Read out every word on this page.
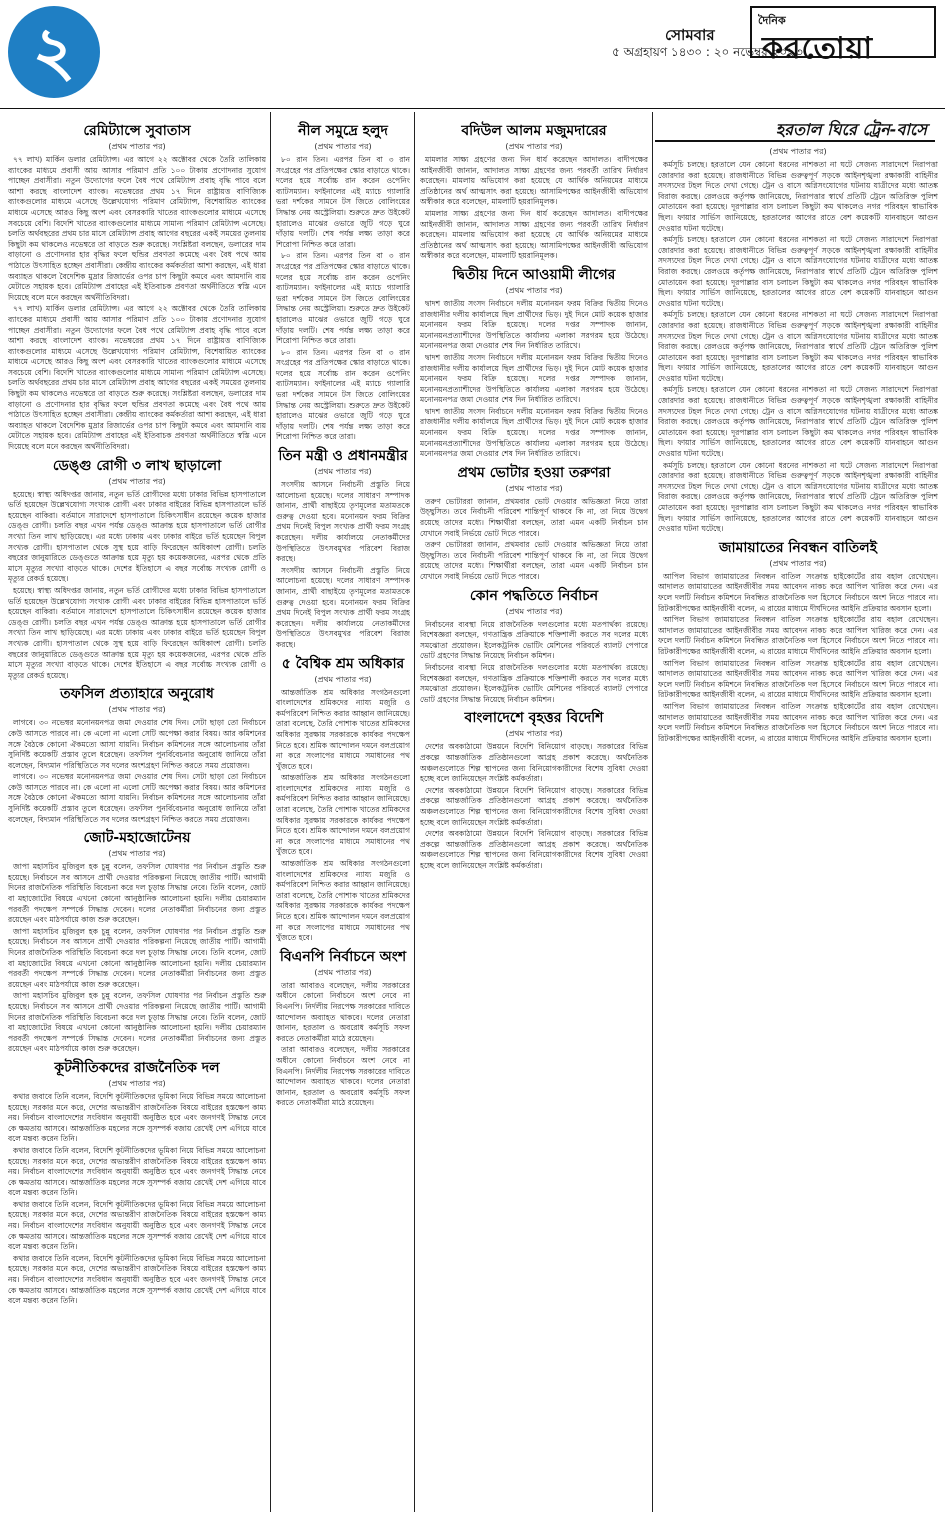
২	সোমবার
৫ অগ্রহায়ণ ১৪৩০ : ২০ নভেম্বর ২০২৩
দৈনিক
করতোয়া
হরতাল ঘিরে ট্রেন-বাসে
রেমিট্যান্সে সুবাতাস
(প্রথম পাতার পর)

৭৭ লাখ) মার্কিন ডলার রেমিট্যান্স। এর আগে ২২ অক্টোবর থেকে তৈরি তালিকায় ব্যাংকের মাধ্যমে প্রবাসী আয় আসার পরিমাণ প্রতি ১০০ টাকায় প্রণোদনার সুযোগ পাচ্ছেন প্রবাসীরা। নতুন উদ্যোগের ফলে বৈধ পথে রেমিট্যান্স প্রবাহ বৃদ্ধি পাবে বলে আশা করছে বাংলাদেশ ব্যাংক। নভেম্বরের প্রথম ১৭ দিনে রাষ্ট্রায়ত্ত বাণিজ্যিক ব্যাংকগুলোর মাধ্যমে এসেছে উল্লেখযোগ্য পরিমাণ রেমিট্যান্স, বিশেষায়িত ব্যাংকের মাধ্যমে এসেছে আরও কিছু অংশ এবং বেসরকারি খাতের ব্যাংকগুলোর মাধ্যমে এসেছে সবচেয়ে বেশি। বিদেশি খাতের ব্যাংকগুলোর মাধ্যমে সামান্য পরিমাণ রেমিট্যান্স এসেছে। চলতি অর্থবছরের প্রথম চার মাসে রেমিট্যান্স প্রবাহ আগের বছরের একই সময়ের তুলনায় কিছুটা কম থাকলেও নভেম্বরে তা বাড়তে শুরু করেছে। সংশ্লিষ্টরা বলছেন, ডলারের দাম বাড়ানো ও প্রণোদনার হার বৃদ্ধির ফলে হুন্ডির প্রবণতা কমেছে এবং বৈধ পথে আয় পাঠাতে উৎসাহিত হচ্ছেন প্রবাসীরা। কেন্দ্রীয় ব্যাংকের কর্মকর্তারা আশা করছেন, এই ধারা অব্যাহত থাকলে বৈদেশিক মুদ্রার রিজার্ভের ওপর চাপ কিছুটা কমবে এবং আমদানি ব্যয় মেটাতে সহায়ক হবে। রেমিট্যান্স প্রবাহের এই ইতিবাচক প্রবণতা অর্থনীতিতে স্বস্তি এনে দিয়েছে বলে মনে করছেন অর্থনীতিবিদরা।

৭৭ লাখ) মার্কিন ডলার রেমিট্যান্স। এর আগে ২২ অক্টোবর থেকে তৈরি তালিকায় ব্যাংকের মাধ্যমে প্রবাসী আয় আসার পরিমাণ প্রতি ১০০ টাকায় প্রণোদনার সুযোগ পাচ্ছেন প্রবাসীরা। নতুন উদ্যোগের ফলে বৈধ পথে রেমিট্যান্স প্রবাহ বৃদ্ধি পাবে বলে আশা করছে বাংলাদেশ ব্যাংক। নভেম্বরের প্রথম ১৭ দিনে রাষ্ট্রায়ত্ত বাণিজ্যিক ব্যাংকগুলোর মাধ্যমে এসেছে উল্লেখযোগ্য পরিমাণ রেমিট্যান্স, বিশেষায়িত ব্যাংকের মাধ্যমে এসেছে আরও কিছু অংশ এবং বেসরকারি খাতের ব্যাংকগুলোর মাধ্যমে এসেছে সবচেয়ে বেশি। বিদেশি খাতের ব্যাংকগুলোর মাধ্যমে সামান্য পরিমাণ রেমিট্যান্স এসেছে। চলতি অর্থবছরের প্রথম চার মাসে রেমিট্যান্স প্রবাহ আগের বছরের একই সময়ের তুলনায় কিছুটা কম থাকলেও নভেম্বরে তা বাড়তে শুরু করেছে। সংশ্লিষ্টরা বলছেন, ডলারের দাম বাড়ানো ও প্রণোদনার হার বৃদ্ধির ফলে হুন্ডির প্রবণতা কমেছে এবং বৈধ পথে আয় পাঠাতে উৎসাহিত হচ্ছেন প্রবাসীরা। কেন্দ্রীয় ব্যাংকের কর্মকর্তারা আশা করছেন, এই ধারা অব্যাহত থাকলে বৈদেশিক মুদ্রার রিজার্ভের ওপর চাপ কিছুটা কমবে এবং আমদানি ব্যয় মেটাতে সহায়ক হবে। রেমিট্যান্স প্রবাহের এই ইতিবাচক প্রবণতা অর্থনীতিতে স্বস্তি এনে দিয়েছে বলে মনে করছেন অর্থনীতিবিদরা।

ডেঙ্গু রোগী ৩ লাখ ছাড়ালো
(প্রথম পাতার পর)

হয়েছে। স্বাস্থ্য অধিদপ্তর জানায়, নতুন ভর্তি রোগীদের মধ্যে ঢাকার বিভিন্ন হাসপাতালে ভর্তি হয়েছেন উল্লেখযোগ্য সংখ্যক রোগী এবং ঢাকার বাইরের বিভিন্ন হাসপাতালে ভর্তি হয়েছেন বাকিরা। বর্তমানে সারাদেশে হাসপাতালে চিকিৎসাধীন রয়েছেন কয়েক হাজার ডেঙ্গু রোগী। চলতি বছর এখন পর্যন্ত ডেঙ্গু আক্রান্ত হয়ে হাসপাতালে ভর্তি রোগীর সংখ্যা তিন লাখ ছাড়িয়েছে। এর মধ্যে ঢাকায় এবং ঢাকার বাইরে ভর্তি হয়েছেন বিপুল সংখ্যক রোগী। হাসপাতাল থেকে সুস্থ হয়ে বাড়ি ফিরেছেন অধিকাংশ রোগী। চলতি বছরের জানুয়ারিতে ডেঙ্গুতে আক্রান্ত হয়ে মৃত্যু হয় কয়েকজনের, এরপর থেকে প্রতি মাসে মৃত্যুর সংখ্যা বাড়তে থাকে। দেশের ইতিহাসে এ বছর সর্বোচ্চ সংখ্যক রোগী ও মৃত্যুর রেকর্ড হয়েছে।

হয়েছে। স্বাস্থ্য অধিদপ্তর জানায়, নতুন ভর্তি রোগীদের মধ্যে ঢাকার বিভিন্ন হাসপাতালে ভর্তি হয়েছেন উল্লেখযোগ্য সংখ্যক রোগী এবং ঢাকার বাইরের বিভিন্ন হাসপাতালে ভর্তি হয়েছেন বাকিরা। বর্তমানে সারাদেশে হাসপাতালে চিকিৎসাধীন রয়েছেন কয়েক হাজার ডেঙ্গু রোগী। চলতি বছর এখন পর্যন্ত ডেঙ্গু আক্রান্ত হয়ে হাসপাতালে ভর্তি রোগীর সংখ্যা তিন লাখ ছাড়িয়েছে। এর মধ্যে ঢাকায় এবং ঢাকার বাইরে ভর্তি হয়েছেন বিপুল সংখ্যক রোগী। হাসপাতাল থেকে সুস্থ হয়ে বাড়ি ফিরেছেন অধিকাংশ রোগী। চলতি বছরের জানুয়ারিতে ডেঙ্গুতে আক্রান্ত হয়ে মৃত্যু হয় কয়েকজনের, এরপর থেকে প্রতি মাসে মৃত্যুর সংখ্যা বাড়তে থাকে। দেশের ইতিহাসে এ বছর সর্বোচ্চ সংখ্যক রোগী ও মৃত্যুর রেকর্ড হয়েছে।

তফসিল প্রত্যাহারে অনুরোধ
(প্রথম পাতার পর)

লাগবে। ৩০ নভেম্বর মনোনয়নপত্র জমা দেওয়ার শেষ দিন। সেটা ছাড়া তো নির্বাচনে কেউ আসতে পারবে না। কে এলো না এলো সেটি অপেক্ষা করার বিষয়। আর কমিশনের সঙ্গে বৈঠকে কোনো ঐকমত্যে আসা যায়নি। নির্বাচন কমিশনের সঙ্গে আলোচনায় তাঁরা সুনির্দিষ্ট কয়েকটি প্রস্তাব তুলে ধরেছেন। তফসিল পুনর্বিবেচনার অনুরোধ জানিয়ে তাঁরা বলেছেন, বিদ্যমান পরিস্থিতিতে সব দলের অংশগ্রহণ নিশ্চিত করতে সময় প্রয়োজন।

লাগবে। ৩০ নভেম্বর মনোনয়নপত্র জমা দেওয়ার শেষ দিন। সেটা ছাড়া তো নির্বাচনে কেউ আসতে পারবে না। কে এলো না এলো সেটি অপেক্ষা করার বিষয়। আর কমিশনের সঙ্গে বৈঠকে কোনো ঐকমত্যে আসা যায়নি। নির্বাচন কমিশনের সঙ্গে আলোচনায় তাঁরা সুনির্দিষ্ট কয়েকটি প্রস্তাব তুলে ধরেছেন। তফসিল পুনর্বিবেচনার অনুরোধ জানিয়ে তাঁরা বলেছেন, বিদ্যমান পরিস্থিতিতে সব দলের অংশগ্রহণ নিশ্চিত করতে সময় প্রয়োজন।

জোট-মহাজোটেনয়
(প্রথম পাতার পর)

জাপা মহাসচিব মুজিবুল হক চুন্নু বলেন, তফসিল ঘোষণার পর নির্বাচন প্রস্তুতি শুরু হয়েছে। নির্বাচনে সব আসনে প্রার্থী দেওয়ার পরিকল্পনা নিয়েছে জাতীয় পার্টি। আগামী দিনের রাজনৈতিক পরিস্থিতি বিবেচনা করে দল চূড়ান্ত সিদ্ধান্ত নেবে। তিনি বলেন, জোট বা মহাজোটের বিষয়ে এখনো কোনো আনুষ্ঠানিক আলোচনা হয়নি। দলীয় চেয়ারম্যান পরবর্তী পদক্ষেপ সম্পর্কে সিদ্ধান্ত দেবেন। দলের নেতাকর্মীরা নির্বাচনের জন্য প্রস্তুত রয়েছেন এবং মাঠপর্যায়ে কাজ শুরু করেছেন।

জাপা মহাসচিব মুজিবুল হক চুন্নু বলেন, তফসিল ঘোষণার পর নির্বাচন প্রস্তুতি শুরু হয়েছে। নির্বাচনে সব আসনে প্রার্থী দেওয়ার পরিকল্পনা নিয়েছে জাতীয় পার্টি। আগামী দিনের রাজনৈতিক পরিস্থিতি বিবেচনা করে দল চূড়ান্ত সিদ্ধান্ত নেবে। তিনি বলেন, জোট বা মহাজোটের বিষয়ে এখনো কোনো আনুষ্ঠানিক আলোচনা হয়নি। দলীয় চেয়ারম্যান পরবর্তী পদক্ষেপ সম্পর্কে সিদ্ধান্ত দেবেন। দলের নেতাকর্মীরা নির্বাচনের জন্য প্রস্তুত রয়েছেন এবং মাঠপর্যায়ে কাজ শুরু করেছেন।

জাপা মহাসচিব মুজিবুল হক চুন্নু বলেন, তফসিল ঘোষণার পর নির্বাচন প্রস্তুতি শুরু হয়েছে। নির্বাচনে সব আসনে প্রার্থী দেওয়ার পরিকল্পনা নিয়েছে জাতীয় পার্টি। আগামী দিনের রাজনৈতিক পরিস্থিতি বিবেচনা করে দল চূড়ান্ত সিদ্ধান্ত নেবে। তিনি বলেন, জোট বা মহাজোটের বিষয়ে এখনো কোনো আনুষ্ঠানিক আলোচনা হয়নি। দলীয় চেয়ারম্যান পরবর্তী পদক্ষেপ সম্পর্কে সিদ্ধান্ত দেবেন। দলের নেতাকর্মীরা নির্বাচনের জন্য প্রস্তুত রয়েছেন এবং মাঠপর্যায়ে কাজ শুরু করেছেন।

কূটনীতিকদের রাজনৈতিক দল
(প্রথম পাতার পর)

কথার জবাবে তিনি বলেন, বিদেশি কূটনীতিকদের ভূমিকা নিয়ে বিভিন্ন সময়ে আলোচনা হয়েছে। সরকার মনে করে, দেশের অভ্যন্তরীণ রাজনৈতিক বিষয়ে বাইরের হস্তক্ষেপ কাম্য নয়। নির্বাচন বাংলাদেশের সংবিধান অনুযায়ী অনুষ্ঠিত হবে এবং জনগণই সিদ্ধান্ত নেবে কে ক্ষমতায় আসবে। আন্তর্জাতিক মহলের সঙ্গে সুসম্পর্ক বজায় রেখেই দেশ এগিয়ে যাবে বলে মন্তব্য করেন তিনি।

কথার জবাবে তিনি বলেন, বিদেশি কূটনীতিকদের ভূমিকা নিয়ে বিভিন্ন সময়ে আলোচনা হয়েছে। সরকার মনে করে, দেশের অভ্যন্তরীণ রাজনৈতিক বিষয়ে বাইরের হস্তক্ষেপ কাম্য নয়। নির্বাচন বাংলাদেশের সংবিধান অনুযায়ী অনুষ্ঠিত হবে এবং জনগণই সিদ্ধান্ত নেবে কে ক্ষমতায় আসবে। আন্তর্জাতিক মহলের সঙ্গে সুসম্পর্ক বজায় রেখেই দেশ এগিয়ে যাবে বলে মন্তব্য করেন তিনি।

কথার জবাবে তিনি বলেন, বিদেশি কূটনীতিকদের ভূমিকা নিয়ে বিভিন্ন সময়ে আলোচনা হয়েছে। সরকার মনে করে, দেশের অভ্যন্তরীণ রাজনৈতিক বিষয়ে বাইরের হস্তক্ষেপ কাম্য নয়। নির্বাচন বাংলাদেশের সংবিধান অনুযায়ী অনুষ্ঠিত হবে এবং জনগণই সিদ্ধান্ত নেবে কে ক্ষমতায় আসবে। আন্তর্জাতিক মহলের সঙ্গে সুসম্পর্ক বজায় রেখেই দেশ এগিয়ে যাবে বলে মন্তব্য করেন তিনি।

কথার জবাবে তিনি বলেন, বিদেশি কূটনীতিকদের ভূমিকা নিয়ে বিভিন্ন সময়ে আলোচনা হয়েছে। সরকার মনে করে, দেশের অভ্যন্তরীণ রাজনৈতিক বিষয়ে বাইরের হস্তক্ষেপ কাম্য নয়। নির্বাচন বাংলাদেশের সংবিধান অনুযায়ী অনুষ্ঠিত হবে এবং জনগণই সিদ্ধান্ত নেবে কে ক্ষমতায় আসবে। আন্তর্জাতিক মহলের সঙ্গে সুসম্পর্ক বজায় রেখেই দেশ এগিয়ে যাবে বলে মন্তব্য করেন তিনি।

নীল সমুদ্রে হলুদ
(প্রথম পাতার পর)

৮০ রান তিন। এরপর তিন বা ৩ রান সংগ্রহের পর প্রতিপক্ষের স্কোর বাড়াতে থাকে। দলের হয়ে সর্বোচ্চ রান করেন ওপেনিং ব্যাটসম্যান। ফাইনালের এই ম্যাচে গ্যালারি ভরা দর্শকের সামনে টস জিতে বোলিংয়ের সিদ্ধান্ত নেয় অস্ট্রেলিয়া। শুরুতে দ্রুত উইকেট হারালেও মাঝের ওভারে জুটি গড়ে ঘুরে দাঁড়ায় দলটি। শেষ পর্যন্ত লক্ষ্য তাড়া করে শিরোপা নিশ্চিত করে তারা।

৮০ রান তিন। এরপর তিন বা ৩ রান সংগ্রহের পর প্রতিপক্ষের স্কোর বাড়াতে থাকে। দলের হয়ে সর্বোচ্চ রান করেন ওপেনিং ব্যাটসম্যান। ফাইনালের এই ম্যাচে গ্যালারি ভরা দর্শকের সামনে টস জিতে বোলিংয়ের সিদ্ধান্ত নেয় অস্ট্রেলিয়া। শুরুতে দ্রুত উইকেট হারালেও মাঝের ওভারে জুটি গড়ে ঘুরে দাঁড়ায় দলটি। শেষ পর্যন্ত লক্ষ্য তাড়া করে শিরোপা নিশ্চিত করে তারা।

৮০ রান তিন। এরপর তিন বা ৩ রান সংগ্রহের পর প্রতিপক্ষের স্কোর বাড়াতে থাকে। দলের হয়ে সর্বোচ্চ রান করেন ওপেনিং ব্যাটসম্যান। ফাইনালের এই ম্যাচে গ্যালারি ভরা দর্শকের সামনে টস জিতে বোলিংয়ের সিদ্ধান্ত নেয় অস্ট্রেলিয়া। শুরুতে দ্রুত উইকেট হারালেও মাঝের ওভারে জুটি গড়ে ঘুরে দাঁড়ায় দলটি। শেষ পর্যন্ত লক্ষ্য তাড়া করে শিরোপা নিশ্চিত করে তারা।

তিন মন্ত্রী ও প্রধানমন্ত্রীর
(প্রথম পাতার পর)

সংসদীয় আসনে নির্বাচনী প্রস্তুতি নিয়ে আলোচনা হয়েছে। দলের সাধারণ সম্পাদক জানান, প্রার্থী বাছাইয়ে তৃণমূলের মতামতকে গুরুত্ব দেওয়া হবে। মনোনয়ন ফরম বিক্রির প্রথম দিনেই বিপুল সংখ্যক প্রার্থী ফরম সংগ্রহ করেছেন। দলীয় কার্যালয়ে নেতাকর্মীদের উপস্থিতিতে উৎসবমুখর পরিবেশ বিরাজ করছে।

সংসদীয় আসনে নির্বাচনী প্রস্তুতি নিয়ে আলোচনা হয়েছে। দলের সাধারণ সম্পাদক জানান, প্রার্থী বাছাইয়ে তৃণমূলের মতামতকে গুরুত্ব দেওয়া হবে। মনোনয়ন ফরম বিক্রির প্রথম দিনেই বিপুল সংখ্যক প্রার্থী ফরম সংগ্রহ করেছেন। দলীয় কার্যালয়ে নেতাকর্মীদের উপস্থিতিতে উৎসবমুখর পরিবেশ বিরাজ করছে।

৫ বৈশ্বিক শ্রম অধিকার
(প্রথম পাতার পর)

আন্তর্জাতিক শ্রম অধিকার সংগঠনগুলো বাংলাদেশের শ্রমিকদের ন্যায্য মজুরি ও কর্মপরিবেশ নিশ্চিত করার আহ্বান জানিয়েছে। তারা বলেছে, তৈরি পোশাক খাতের শ্রমিকদের অধিকার সুরক্ষায় সরকারকে কার্যকর পদক্ষেপ নিতে হবে। শ্রমিক আন্দোলন দমনে বলপ্রয়োগ না করে সংলাপের মাধ্যমে সমাধানের পথ খুঁজতে হবে।

আন্তর্জাতিক শ্রম অধিকার সংগঠনগুলো বাংলাদেশের শ্রমিকদের ন্যায্য মজুরি ও কর্মপরিবেশ নিশ্চিত করার আহ্বান জানিয়েছে। তারা বলেছে, তৈরি পোশাক খাতের শ্রমিকদের অধিকার সুরক্ষায় সরকারকে কার্যকর পদক্ষেপ নিতে হবে। শ্রমিক আন্দোলন দমনে বলপ্রয়োগ না করে সংলাপের মাধ্যমে সমাধানের পথ খুঁজতে হবে।

আন্তর্জাতিক শ্রম অধিকার সংগঠনগুলো বাংলাদেশের শ্রমিকদের ন্যায্য মজুরি ও কর্মপরিবেশ নিশ্চিত করার আহ্বান জানিয়েছে। তারা বলেছে, তৈরি পোশাক খাতের শ্রমিকদের অধিকার সুরক্ষায় সরকারকে কার্যকর পদক্ষেপ নিতে হবে। শ্রমিক আন্দোলন দমনে বলপ্রয়োগ না করে সংলাপের মাধ্যমে সমাধানের পথ খুঁজতে হবে।

বিএনপি নির্বাচনে অংশ
(প্রথম পাতার পর)

তারা আবারও বলেছেন, দলীয় সরকারের অধীনে কোনো নির্বাচনে অংশ নেবে না বিএনপি। নির্দলীয় নিরপেক্ষ সরকারের দাবিতে আন্দোলন অব্যাহত থাকবে। দলের নেতারা জানান, হরতাল ও অবরোধ কর্মসূচি সফল করতে নেতাকর্মীরা মাঠে রয়েছেন।

তারা আবারও বলেছেন, দলীয় সরকারের অধীনে কোনো নির্বাচনে অংশ নেবে না বিএনপি। নির্দলীয় নিরপেক্ষ সরকারের দাবিতে আন্দোলন অব্যাহত থাকবে। দলের নেতারা জানান, হরতাল ও অবরোধ কর্মসূচি সফল করতে নেতাকর্মীরা মাঠে রয়েছেন।

বদিউল আলম মজুমদারের
(প্রথম পাতার পর)

মামলার সাক্ষ্য গ্রহণের জন্য দিন ধার্য করেছেন আদালত। বাদীপক্ষের আইনজীবী জানান, আদালত সাক্ষ্য গ্রহণের জন্য পরবর্তী তারিখ নির্ধারণ করেছেন। মামলায় অভিযোগ করা হয়েছে যে আর্থিক অনিয়মের মাধ্যমে প্রতিষ্ঠানের অর্থ আত্মসাৎ করা হয়েছে। আসামিপক্ষের আইনজীবী অভিযোগ অস্বীকার করে বলেছেন, মামলাটি হয়রানিমূলক।

মামলার সাক্ষ্য গ্রহণের জন্য দিন ধার্য করেছেন আদালত। বাদীপক্ষের আইনজীবী জানান, আদালত সাক্ষ্য গ্রহণের জন্য পরবর্তী তারিখ নির্ধারণ করেছেন। মামলায় অভিযোগ করা হয়েছে যে আর্থিক অনিয়মের মাধ্যমে প্রতিষ্ঠানের অর্থ আত্মসাৎ করা হয়েছে। আসামিপক্ষের আইনজীবী অভিযোগ অস্বীকার করে বলেছেন, মামলাটি হয়রানিমূলক।

দ্বিতীয় দিনে আওয়ামী লীগের
(প্রথম পাতার পর)

দ্বাদশ জাতীয় সংসদ নির্বাচনে দলীয় মনোনয়ন ফরম বিক্রির দ্বিতীয় দিনেও রাজধানীর দলীয় কার্যালয়ে ছিল প্রার্থীদের ভিড়। দুই দিনে মোট কয়েক হাজার মনোনয়ন ফরম বিক্রি হয়েছে। দলের দপ্তর সম্পাদক জানান, মনোনয়নপ্রত্যাশীদের উপস্থিতিতে কার্যালয় এলাকা সরগরম হয়ে উঠেছে। মনোনয়নপত্র জমা দেওয়ার শেষ দিন নির্ধারিত তারিখে।

দ্বাদশ জাতীয় সংসদ নির্বাচনে দলীয় মনোনয়ন ফরম বিক্রির দ্বিতীয় দিনেও রাজধানীর দলীয় কার্যালয়ে ছিল প্রার্থীদের ভিড়। দুই দিনে মোট কয়েক হাজার মনোনয়ন ফরম বিক্রি হয়েছে। দলের দপ্তর সম্পাদক জানান, মনোনয়নপ্রত্যাশীদের উপস্থিতিতে কার্যালয় এলাকা সরগরম হয়ে উঠেছে। মনোনয়নপত্র জমা দেওয়ার শেষ দিন নির্ধারিত তারিখে।

দ্বাদশ জাতীয় সংসদ নির্বাচনে দলীয় মনোনয়ন ফরম বিক্রির দ্বিতীয় দিনেও রাজধানীর দলীয় কার্যালয়ে ছিল প্রার্থীদের ভিড়। দুই দিনে মোট কয়েক হাজার মনোনয়ন ফরম বিক্রি হয়েছে। দলের দপ্তর সম্পাদক জানান, মনোনয়নপ্রত্যাশীদের উপস্থিতিতে কার্যালয় এলাকা সরগরম হয়ে উঠেছে। মনোনয়নপত্র জমা দেওয়ার শেষ দিন নির্ধারিত তারিখে।

প্রথম ভোটার হওয়া তরুণরা
(প্রথম পাতার পর)

তরুণ ভোটাররা জানান, প্রথমবার ভোট দেওয়ার অভিজ্ঞতা নিয়ে তারা উচ্ছ্বসিত। তবে নির্বাচনী পরিবেশ শান্তিপূর্ণ থাকবে কি না, তা নিয়ে উদ্বেগ রয়েছে তাদের মধ্যে। শিক্ষার্থীরা বলছেন, তারা এমন একটি নির্বাচন চান যেখানে সবাই নির্ভয়ে ভোট দিতে পারবে।

তরুণ ভোটাররা জানান, প্রথমবার ভোট দেওয়ার অভিজ্ঞতা নিয়ে তারা উচ্ছ্বসিত। তবে নির্বাচনী পরিবেশ শান্তিপূর্ণ থাকবে কি না, তা নিয়ে উদ্বেগ রয়েছে তাদের মধ্যে। শিক্ষার্থীরা বলছেন, তারা এমন একটি নির্বাচন চান যেখানে সবাই নির্ভয়ে ভোট দিতে পারবে।

কোন পদ্ধতিতে নির্বাচন
(প্রথম পাতার পর)

নির্বাচনের ব্যবস্থা নিয়ে রাজনৈতিক দলগুলোর মধ্যে মতপার্থক্য রয়েছে। বিশেষজ্ঞরা বলছেন, গণতান্ত্রিক প্রক্রিয়াকে শক্তিশালী করতে সব দলের মধ্যে সমঝোতা প্রয়োজন। ইলেকট্রনিক ভোটিং মেশিনের পরিবর্তে ব্যালট পেপারে ভোট গ্রহণের সিদ্ধান্ত নিয়েছে নির্বাচন কমিশন।

নির্বাচনের ব্যবস্থা নিয়ে রাজনৈতিক দলগুলোর মধ্যে মতপার্থক্য রয়েছে। বিশেষজ্ঞরা বলছেন, গণতান্ত্রিক প্রক্রিয়াকে শক্তিশালী করতে সব দলের মধ্যে সমঝোতা প্রয়োজন। ইলেকট্রনিক ভোটিং মেশিনের পরিবর্তে ব্যালট পেপারে ভোট গ্রহণের সিদ্ধান্ত নিয়েছে নির্বাচন কমিশন।

বাংলাদেশে বৃহত্তর বিদেশি
(প্রথম পাতার পর)

দেশের অবকাঠামো উন্নয়নে বিদেশি বিনিয়োগ বাড়ছে। সরকারের বিভিন্ন প্রকল্পে আন্তর্জাতিক প্রতিষ্ঠানগুলো আগ্রহ প্রকাশ করেছে। অর্থনৈতিক অঞ্চলগুলোতে শিল্প স্থাপনের জন্য বিনিয়োগকারীদের বিশেষ সুবিধা দেওয়া হচ্ছে বলে জানিয়েছেন সংশ্লিষ্ট কর্মকর্তারা।

দেশের অবকাঠামো উন্নয়নে বিদেশি বিনিয়োগ বাড়ছে। সরকারের বিভিন্ন প্রকল্পে আন্তর্জাতিক প্রতিষ্ঠানগুলো আগ্রহ প্রকাশ করেছে। অর্থনৈতিক অঞ্চলগুলোতে শিল্প স্থাপনের জন্য বিনিয়োগকারীদের বিশেষ সুবিধা দেওয়া হচ্ছে বলে জানিয়েছেন সংশ্লিষ্ট কর্মকর্তারা।

দেশের অবকাঠামো উন্নয়নে বিদেশি বিনিয়োগ বাড়ছে। সরকারের বিভিন্ন প্রকল্পে আন্তর্জাতিক প্রতিষ্ঠানগুলো আগ্রহ প্রকাশ করেছে। অর্থনৈতিক অঞ্চলগুলোতে শিল্প স্থাপনের জন্য বিনিয়োগকারীদের বিশেষ সুবিধা দেওয়া হচ্ছে বলে জানিয়েছেন সংশ্লিষ্ট কর্মকর্তারা।

(প্রথম পাতার পর)

কর্মসূচি চলছে। হরতালে যেন কোনো ধরনের নাশকতা না ঘটে সেজন্য সারাদেশে নিরাপত্তা জোরদার করা হয়েছে। রাজধানীতে বিভিন্ন গুরুত্বপূর্ণ সড়কে আইনশৃঙ্খলা রক্ষাকারী বাহিনীর সদস্যদের টহল দিতে দেখা গেছে। ট্রেন ও বাসে অগ্নিসংযোগের ঘটনায় যাত্রীদের মধ্যে আতঙ্ক বিরাজ করছে। রেলওয়ে কর্তৃপক্ষ জানিয়েছে, নিরাপত্তার স্বার্থে প্রতিটি ট্রেনে অতিরিক্ত পুলিশ মোতায়েন করা হয়েছে। দূরপাল্লার বাস চলাচল কিছুটা কম থাকলেও নগর পরিবহন স্বাভাবিক ছিল। ফায়ার সার্ভিস জানিয়েছে, হরতালের আগের রাতে বেশ কয়েকটি যানবাহনে আগুন দেওয়ার ঘটনা ঘটেছে।

কর্মসূচি চলছে। হরতালে যেন কোনো ধরনের নাশকতা না ঘটে সেজন্য সারাদেশে নিরাপত্তা জোরদার করা হয়েছে। রাজধানীতে বিভিন্ন গুরুত্বপূর্ণ সড়কে আইনশৃঙ্খলা রক্ষাকারী বাহিনীর সদস্যদের টহল দিতে দেখা গেছে। ট্রেন ও বাসে অগ্নিসংযোগের ঘটনায় যাত্রীদের মধ্যে আতঙ্ক বিরাজ করছে। রেলওয়ে কর্তৃপক্ষ জানিয়েছে, নিরাপত্তার স্বার্থে প্রতিটি ট্রেনে অতিরিক্ত পুলিশ মোতায়েন করা হয়েছে। দূরপাল্লার বাস চলাচল কিছুটা কম থাকলেও নগর পরিবহন স্বাভাবিক ছিল। ফায়ার সার্ভিস জানিয়েছে, হরতালের আগের রাতে বেশ কয়েকটি যানবাহনে আগুন দেওয়ার ঘটনা ঘটেছে।

কর্মসূচি চলছে। হরতালে যেন কোনো ধরনের নাশকতা না ঘটে সেজন্য সারাদেশে নিরাপত্তা জোরদার করা হয়েছে। রাজধানীতে বিভিন্ন গুরুত্বপূর্ণ সড়কে আইনশৃঙ্খলা রক্ষাকারী বাহিনীর সদস্যদের টহল দিতে দেখা গেছে। ট্রেন ও বাসে অগ্নিসংযোগের ঘটনায় যাত্রীদের মধ্যে আতঙ্ক বিরাজ করছে। রেলওয়ে কর্তৃপক্ষ জানিয়েছে, নিরাপত্তার স্বার্থে প্রতিটি ট্রেনে অতিরিক্ত পুলিশ মোতায়েন করা হয়েছে। দূরপাল্লার বাস চলাচল কিছুটা কম থাকলেও নগর পরিবহন স্বাভাবিক ছিল। ফায়ার সার্ভিস জানিয়েছে, হরতালের আগের রাতে বেশ কয়েকটি যানবাহনে আগুন দেওয়ার ঘটনা ঘটেছে।

কর্মসূচি চলছে। হরতালে যেন কোনো ধরনের নাশকতা না ঘটে সেজন্য সারাদেশে নিরাপত্তা জোরদার করা হয়েছে। রাজধানীতে বিভিন্ন গুরুত্বপূর্ণ সড়কে আইনশৃঙ্খলা রক্ষাকারী বাহিনীর সদস্যদের টহল দিতে দেখা গেছে। ট্রেন ও বাসে অগ্নিসংযোগের ঘটনায় যাত্রীদের মধ্যে আতঙ্ক বিরাজ করছে। রেলওয়ে কর্তৃপক্ষ জানিয়েছে, নিরাপত্তার স্বার্থে প্রতিটি ট্রেনে অতিরিক্ত পুলিশ মোতায়েন করা হয়েছে। দূরপাল্লার বাস চলাচল কিছুটা কম থাকলেও নগর পরিবহন স্বাভাবিক ছিল। ফায়ার সার্ভিস জানিয়েছে, হরতালের আগের রাতে বেশ কয়েকটি যানবাহনে আগুন দেওয়ার ঘটনা ঘটেছে।

কর্মসূচি চলছে। হরতালে যেন কোনো ধরনের নাশকতা না ঘটে সেজন্য সারাদেশে নিরাপত্তা জোরদার করা হয়েছে। রাজধানীতে বিভিন্ন গুরুত্বপূর্ণ সড়কে আইনশৃঙ্খলা রক্ষাকারী বাহিনীর সদস্যদের টহল দিতে দেখা গেছে। ট্রেন ও বাসে অগ্নিসংযোগের ঘটনায় যাত্রীদের মধ্যে আতঙ্ক বিরাজ করছে। রেলওয়ে কর্তৃপক্ষ জানিয়েছে, নিরাপত্তার স্বার্থে প্রতিটি ট্রেনে অতিরিক্ত পুলিশ মোতায়েন করা হয়েছে। দূরপাল্লার বাস চলাচল কিছুটা কম থাকলেও নগর পরিবহন স্বাভাবিক ছিল। ফায়ার সার্ভিস জানিয়েছে, হরতালের আগের রাতে বেশ কয়েকটি যানবাহনে আগুন দেওয়ার ঘটনা ঘটেছে।

জামায়াতের নিবন্ধন বাতিলই
(প্রথম পাতার পর)

আপিল বিভাগ জামায়াতের নিবন্ধন বাতিল সংক্রান্ত হাইকোর্টের রায় বহাল রেখেছেন। আদালত জামায়াতের আইনজীবীর সময় আবেদন নাকচ করে আপিল খারিজ করে দেন। এর ফলে দলটি নির্বাচন কমিশনে নিবন্ধিত রাজনৈতিক দল হিসেবে নির্বাচনে অংশ নিতে পারবে না। রিটকারীপক্ষের আইনজীবী বলেন, এ রায়ের মাধ্যমে দীর্ঘদিনের আইনি প্রক্রিয়ার অবসান হলো।

আপিল বিভাগ জামায়াতের নিবন্ধন বাতিল সংক্রান্ত হাইকোর্টের রায় বহাল রেখেছেন। আদালত জামায়াতের আইনজীবীর সময় আবেদন নাকচ করে আপিল খারিজ করে দেন। এর ফলে দলটি নির্বাচন কমিশনে নিবন্ধিত রাজনৈতিক দল হিসেবে নির্বাচনে অংশ নিতে পারবে না। রিটকারীপক্ষের আইনজীবী বলেন, এ রায়ের মাধ্যমে দীর্ঘদিনের আইনি প্রক্রিয়ার অবসান হলো।

আপিল বিভাগ জামায়াতের নিবন্ধন বাতিল সংক্রান্ত হাইকোর্টের রায় বহাল রেখেছেন। আদালত জামায়াতের আইনজীবীর সময় আবেদন নাকচ করে আপিল খারিজ করে দেন। এর ফলে দলটি নির্বাচন কমিশনে নিবন্ধিত রাজনৈতিক দল হিসেবে নির্বাচনে অংশ নিতে পারবে না। রিটকারীপক্ষের আইনজীবী বলেন, এ রায়ের মাধ্যমে দীর্ঘদিনের আইনি প্রক্রিয়ার অবসান হলো।

আপিল বিভাগ জামায়াতের নিবন্ধন বাতিল সংক্রান্ত হাইকোর্টের রায় বহাল রেখেছেন। আদালত জামায়াতের আইনজীবীর সময় আবেদন নাকচ করে আপিল খারিজ করে দেন। এর ফলে দলটি নির্বাচন কমিশনে নিবন্ধিত রাজনৈতিক দল হিসেবে নির্বাচনে অংশ নিতে পারবে না। রিটকারীপক্ষের আইনজীবী বলেন, এ রায়ের মাধ্যমে দীর্ঘদিনের আইনি প্রক্রিয়ার অবসান হলো।
